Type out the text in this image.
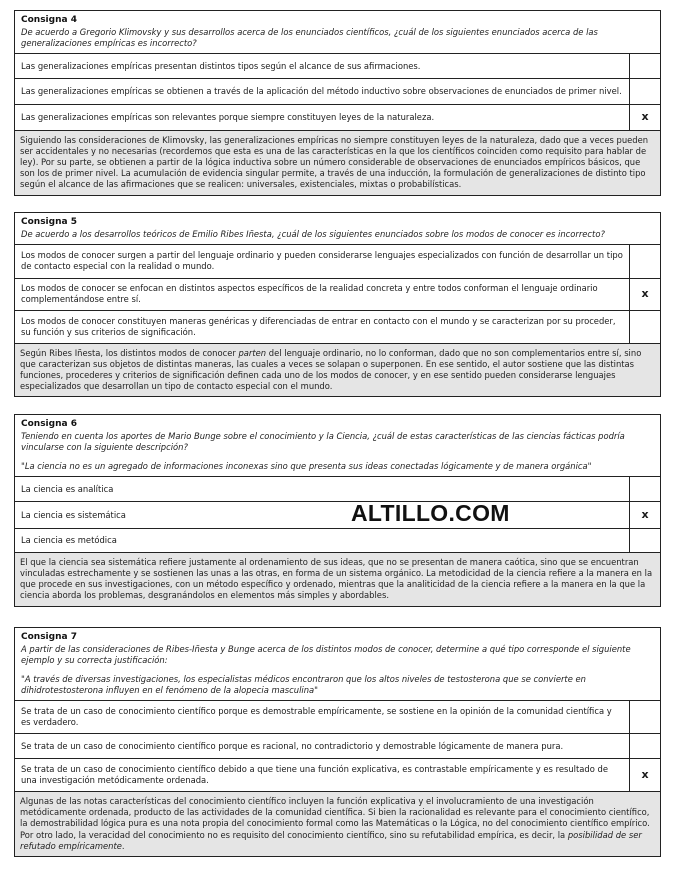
Consigna 4
De acuerdo a Gregorio Klimovsky y sus desarrollos acerca de los enunciados científicos, ¿cuál de los siguientes enunciados acerca de las generalizaciones empíricas es incorrecto?
Las generalizaciones empíricas presentan distintos tipos según el alcance de sus afirmaciones.
Las generalizaciones empíricas se obtienen a través de la aplicación del método inductivo sobre observaciones de enunciados de primer nivel.
Las generalizaciones empíricas son relevantes porque siempre constituyen leyes de la naturaleza.	x
Siguiendo las consideraciones de Klimovsky, las generalizaciones empíricas no siempre constituyen leyes de la naturaleza, dado que a veces pueden ser accidentales y no necesarias (recordemos que esta es una de las características en la que los científicos coinciden como requisito para hablar de ley). Por su parte, se obtienen a partir de la lógica inductiva sobre un número considerable de observaciones de enunciados empíricos básicos, que son los de primer nivel. La acumulación de evidencia singular permite, a través de una inducción, la formulación de generalizaciones de distinto tipo según el alcance de las afirmaciones que se realicen: universales, existenciales, mixtas o probabilísticas.
Consigna 5
De acuerdo a los desarrollos teóricos de Emilio Ribes Iñesta, ¿cuál de los siguientes enunciados sobre los modos de conocer es incorrecto?
Los modos de conocer surgen a partir del lenguaje ordinario y pueden considerarse lenguajes especializados con función de desarrollar un tipo de contacto especial con la realidad o mundo.
Los modos de conocer se enfocan en distintos aspectos específicos de la realidad concreta y entre todos conforman el lenguaje ordinario complementándose entre sí.	x
Los modos de conocer constituyen maneras genéricas y diferenciadas de entrar en contacto con el mundo y se caracterizan por su proceder, su función y sus criterios de significación.
Según Ribes Iñesta, los distintos modos de conocer parten del lenguaje ordinario, no lo conforman, dado que no son complementarios entre sí, sino que caracterizan sus objetos de distintas maneras, las cuales a veces se solapan o superponen. En ese sentido, el autor sostiene que las distintas funciones, procederes y criterios de significación definen cada uno de los modos de conocer, y en ese sentido pueden considerarse lenguajes especializados que desarrollan un tipo de contacto especial con el mundo.
Consigna 6
Teniendo en cuenta los aportes de Mario Bunge sobre el conocimiento y la Ciencia, ¿cuál de estas características de las ciencias fácticas podría vincularse con la siguiente descripción?
"La ciencia no es un agregado de informaciones inconexas sino que presenta sus ideas conectadas lógicamente y de manera orgánica"
La ciencia es analítica
La ciencia es sistemática	x
La ciencia es metódica
El que la ciencia sea sistemática refiere justamente al ordenamiento de sus ideas, que no se presentan de manera caótica, sino que se encuentran vinculadas estrechamente y se sostienen las unas a las otras, en forma de un sistema orgánico. La metodicidad de la ciencia refiere a la manera en la que procede en sus investigaciones, con un método específico y ordenado, mientras que la analiticidad de la ciencia refiere a la manera en la que la ciencia aborda los problemas, desgranándolos en elementos más simples y abordables.
Consigna 7
A partir de las consideraciones de Ribes-Iñesta y Bunge acerca de los distintos modos de conocer, determine a qué tipo corresponde el siguiente ejemplo y su correcta justificación:
"A través de diversas investigaciones, los especialistas médicos encontraron que los altos niveles de testosterona que se convierte en dihidrotestosterona influyen en el fenómeno de la alopecia masculina"
Se trata de un caso de conocimiento científico porque es demostrable empíricamente, se sostiene en la opinión de la comunidad científica y es verdadero.
Se trata de un caso de conocimiento científico porque es racional, no contradictorio y demostrable lógicamente de manera pura.
Se trata de un caso de conocimiento científico debido a que tiene una función explicativa, es contrastable empíricamente y es resultado de una investigación metódicamente ordenada.	x
Algunas de las notas características del conocimiento científico incluyen la función explicativa y el involucramiento de una investigación metódicamente ordenada, producto de las actividades de la comunidad científica. Si bien la racionalidad es relevante para el conocimiento científico, la demostrabilidad lógica pura es una nota propia del conocimiento formal como las Matemáticas o la Lógica, no del conocimiento científico empírico. Por otro lado, la veracidad del conocimiento no es requisito del conocimiento científico, sino su refutabilidad empírica, es decir, la posibilidad de ser refutado empíricamente.
ALTILLO.COM
